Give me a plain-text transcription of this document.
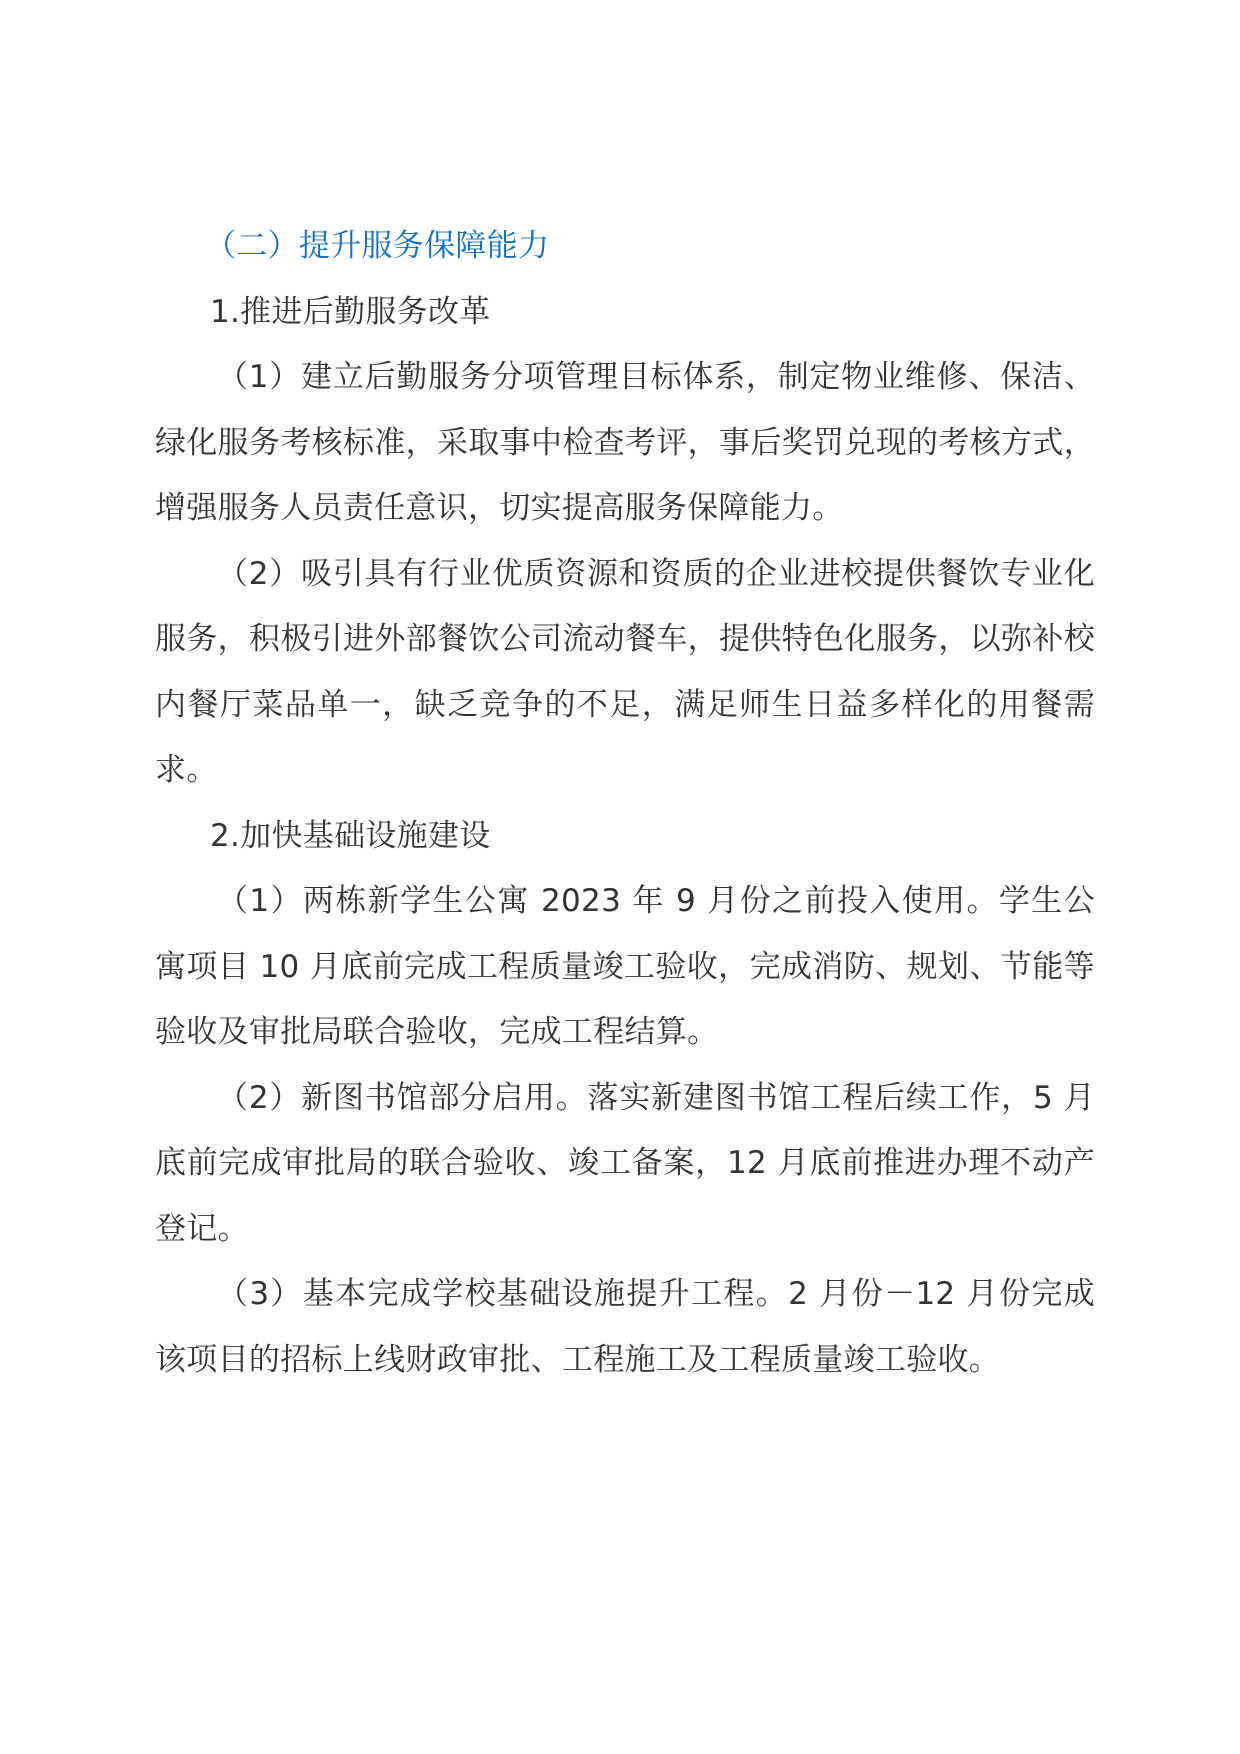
（二）提升服务保障能力

1.推进后勤服务改革

（1）建立后勤服务分项管理目标体系，制定物业维修、保洁、绿化服务考核标准，采取事中检查考评，事后奖罚兑现的考核方式，增强服务人员责任意识，切实提高服务保障能力。

（2）吸引具有行业优质资源和资质的企业进校提供餐饮专业化服务，积极引进外部餐饮公司流动餐车，提供特色化服务，以弥补校内餐厅菜品单一，缺乏竞争的不足，满足师生日益多样化的用餐需求。

2.加快基础设施建设

（1）两栋新学生公寓 2023 年 9 月份之前投入使用。学生公寓项目 10 月底前完成工程质量竣工验收，完成消防、规划、节能等验收及审批局联合验收，完成工程结算。

（2）新图书馆部分启用。落实新建图书馆工程后续工作，5 月底前完成审批局的联合验收、竣工备案，12 月底前推进办理不动产登记。

（3）基本完成学校基础设施提升工程。2 月份－12 月份完成该项目的招标上线财政审批、工程施工及工程质量竣工验收。
